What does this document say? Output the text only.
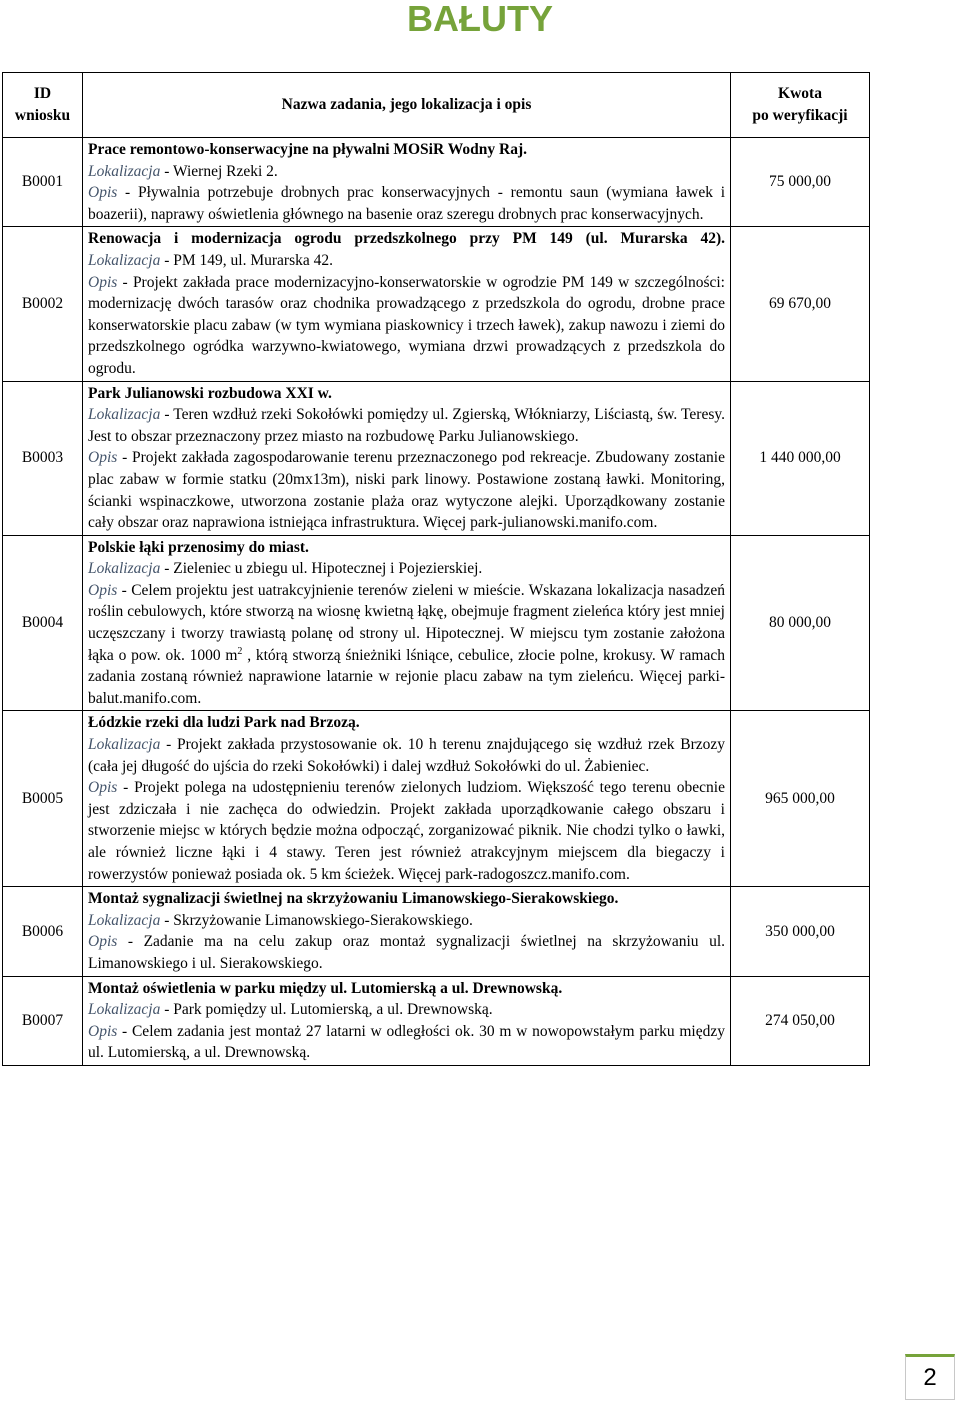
BAŁUTY
ID
wniosku	Nazwa zadania, jego lokalizacja i opis	Kwota
po weryfikacji

B0001	Prace remontowo-konserwacyjne na pływalni MOSiR Wodny Raj.
Lokalizacja - Wiernej Rzeki 2.
Opis - Pływalnia potrzebuje drobnych prac konserwacyjnych - remontu saun (wymiana ławek i boazerii), naprawy oświetlenia głównego na basenie oraz szeregu drobnych prac konserwacyjnych.	75 000,00
B0002	Renowacja i modernizacja ogrodu przedszkolnego przy PM 149 (ul. Murarska 42).
Lokalizacja - PM 149, ul. Murarska 42.
Opis - Projekt zakłada prace modernizacyjno-konserwatorskie w ogrodzie PM 149 w szczególności: modernizację dwóch tarasów oraz chodnika prowadzącego z przedszkola do ogrodu, drobne prace konserwatorskie placu zabaw (w tym wymiana piaskownicy i trzech ławek), zakup nawozu i ziemi do przedszkolnego ogródka warzywno-kwiatowego, wymiana drzwi prowadzących z przedszkola do ogrodu.	69 670,00
B0003	Park Julianowski rozbudowa XXI w.
Lokalizacja - Teren wzdłuż rzeki Sokołówki pomiędzy ul. Zgierską, Włókniarzy, Liściastą, św. Teresy. Jest to obszar przeznaczony przez miasto na rozbudowę Parku Julianowskiego.
Opis - Projekt zakłada zagospodarowanie terenu przeznaczonego pod rekreacje. Zbudowany zostanie plac zabaw w formie statku (20mx13m), niski park linowy. Postawione zostaną ławki. Monitoring, ścianki wspinaczkowe, utworzona zostanie plaża oraz wytyczone alejki. Uporządkowany zostanie cały obszar oraz naprawiona istniejąca infrastruktura. Więcej park-julianowski.manifo.com.	1 440 000,00
B0004	Polskie łąki przenosimy do miast.
Lokalizacja - Zieleniec u zbiegu ul. Hipotecznej i Pojezierskiej.
Opis - Celem projektu jest uatrakcyjnienie terenów zieleni w mieście. Wskazana lokalizacja nasadzeń roślin cebulowych, które stworzą na wiosnę kwietną łąkę, obejmuje fragment zieleńca który jest mniej uczęszczany i tworzy trawiastą polanę od strony ul. Hipotecznej. W miejscu tym zostanie założona łąka o pow. ok. 1000 $m^2$ , którą stworzą śnieżniki lśniące, cebulice, złocie polne, krokusy. W ramach zadania zostaną również naprawione latarnie w rejonie placu zabaw na tym zieleńcu. Więcej parki-balut.manifo.com.	80 000,00
B0005	Łódzkie rzeki dla ludzi Park nad Brzozą.
Lokalizacja - Projekt zakłada przystosowanie ok. 10 h terenu znajdującego się wzdłuż rzek Brzozy (cała jej długość do ujścia do rzeki Sokołówki) i dalej wzdłuż Sokołówki do ul. Żabieniec.
Opis - Projekt polega na udostępnieniu terenów zielonych ludziom. Większość tego terenu obecnie jest zdziczała i nie zachęca do odwiedzin. Projekt zakłada uporządkowanie całego obszaru i stworzenie miejsc w których będzie można odpocząć, zorganizować piknik. Nie chodzi tylko o ławki, ale również liczne łąki i 4 stawy. Teren jest również atrakcyjnym miejscem dla biegaczy i rowerzystów ponieważ posiada ok. 5 km ścieżek. Więcej park-radogoszcz.manifo.com.	965 000,00
B0006	Montaż sygnalizacji świetlnej na skrzyżowaniu Limanowskiego-Sierakowskiego.
Lokalizacja - Skrzyżowanie Limanowskiego-Sierakowskiego.
Opis - Zadanie ma na celu zakup oraz montaż sygnalizacji świetlnej na skrzyżowaniu ul. Limanowskiego i ul. Sierakowskiego.	350 000,00
B0007	Montaż oświetlenia w parku między ul. Lutomierską a ul. Drewnowską.
Lokalizacja - Park pomiędzy ul. Lutomierską, a ul. Drewnowską.
Opis - Celem zadania jest montaż 27 latarni w odległości ok. 30 m w nowopowstałym parku między ul. Lutomierską, a ul. Drewnowską.	274 050,00
2
